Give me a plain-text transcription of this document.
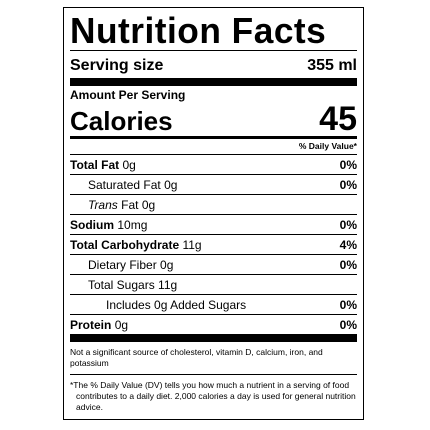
Nutrition Facts
Serving size	355 ml
Amount Per Serving
Calories	45
% Daily Value*
Total Fat 0g	0%
Saturated Fat 0g	0%
Trans Fat 0g
Sodium 10mg	0%
Total Carbohydrate 11g	4%
Dietary Fiber 0g	0%
Total Sugars 11g
Includes 0g Added Sugars	0%
Protein 0g	0%
Not a significant source of cholesterol, vitamin D, calcium, iron, and potassium
*The % Daily Value (DV) tells you how much a nutrient in a serving of food contributes to a daily diet. 2,000 calories a day is used for general nutrition advice.
